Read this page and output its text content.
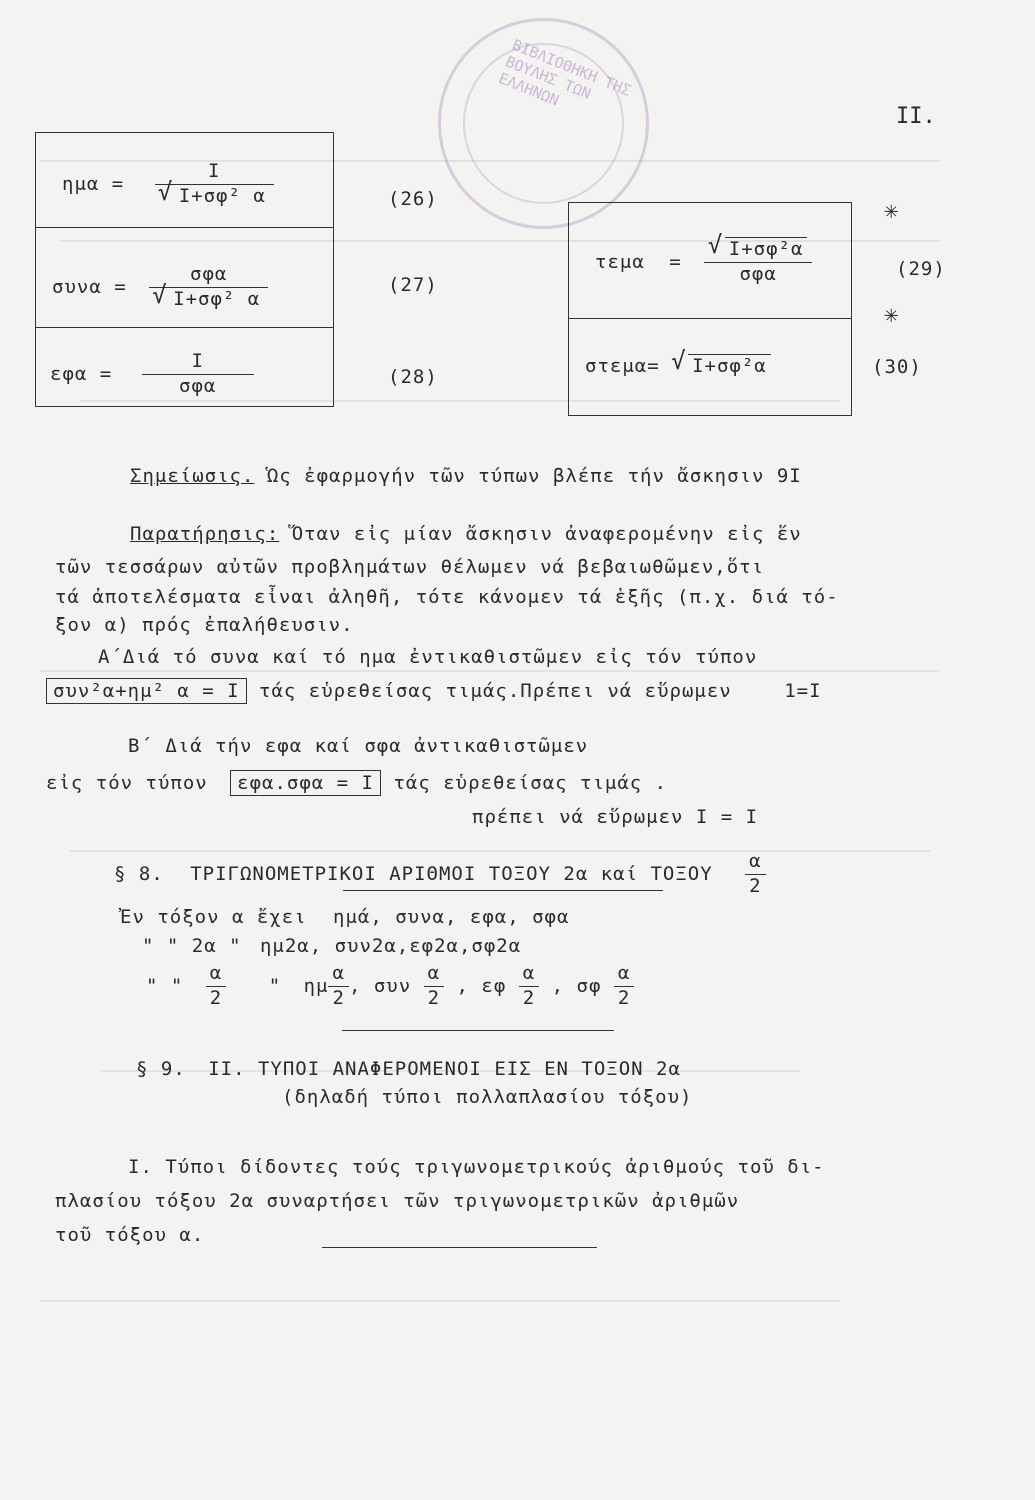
ΒΙΒΛΙΟΘΗΚΗ ΤΗΣ ΒΟΥΛΗΣ ΤΩΝ ΕΛΛΗΝΩΝ
II.
ημα = I
√ I+σφ² α	(26)
συνα = σφα
√ I+σφ² α	(27)
$\varepsilon\varphi\alpha = \frac{I}{\text{σφα}}$	(28)
τεμα = √ $\frac{\text{I+σφ²α}}{\text{σφα}}$	(29)
✳
✳
στεμα= √ I+σφ²α	(30)
Σημείωσις. Ὡς ἐφαρμογήν τῶν τύπων βλέπε τήν ἄσκησιν 9I
Παρατήρησις: Ὅταν εἰς μίαν ἄσκησιν ἀναφερομένην εἰς ἕν
τῶν τεσσάρων αὐτῶν προβλημάτων θέλωμεν νά βεβαιωθῶμεν,ὅτι
τά ἀποτελέσματα εἶναι ἀληθῆ, τότε κάνομεν τά ἑξῆς (π.χ. διά τό-
ξον α) πρός ἐπαλήθευσιν.
Α΄Διά τό συνα καί τό ημα ἐντικαθιστῶμεν εἰς τόν τύπον
συν²α+ημ² α = I τάς εὑρεθείσας τιμάς.Πρέπει νά εὕρωμεν	1=I
Β΄ Διά τήν εφα καί σφα ἀντικαθιστῶμεν
εἰς τόν τύπον εφα.σφα = I τάς εὑρεθείσας τιμάς .
πρέπει νά εὕρωμεν I = I
§ 8. ΤΡΙΓΩΝΟΜΕΤΡΙΚΟΙ ΑΡΙΘΜΟΙ ΤΟΞΟΥ 2α καί ΤΟΞΟΥ $\frac{\alpha}{2}$
Ἐν τόξον α ἔχει ημά, συνα, εφα, σφα
" " 2α " ημ2α, συν2α,εφ2α,σφ2α
" " $\frac{\alpha}{2}$ " ημ $\frac{\alpha}{2}$ , συν $\frac{\alpha}{2}$ , εφ $\frac{\alpha}{2}$ , σφ $\frac{\alpha}{2}$
§ 9. II. ΤΥΠΟΙ ΑΝΑΦΕΡΟΜΕΝΟΙ ΕΙΣ ΕΝ ΤΟΞΟΝ 2α
(δηλαδή τύποι πολλαπλασίου τόξου)
I. Τύποι δίδοντες τούς τριγωνομετρικούς ἀριθμούς τοῦ δι-
πλασίου τόξου 2α συναρτήσει τῶν τριγωνομετρικῶν ἀριθμῶν
τοῦ τόξου α.
